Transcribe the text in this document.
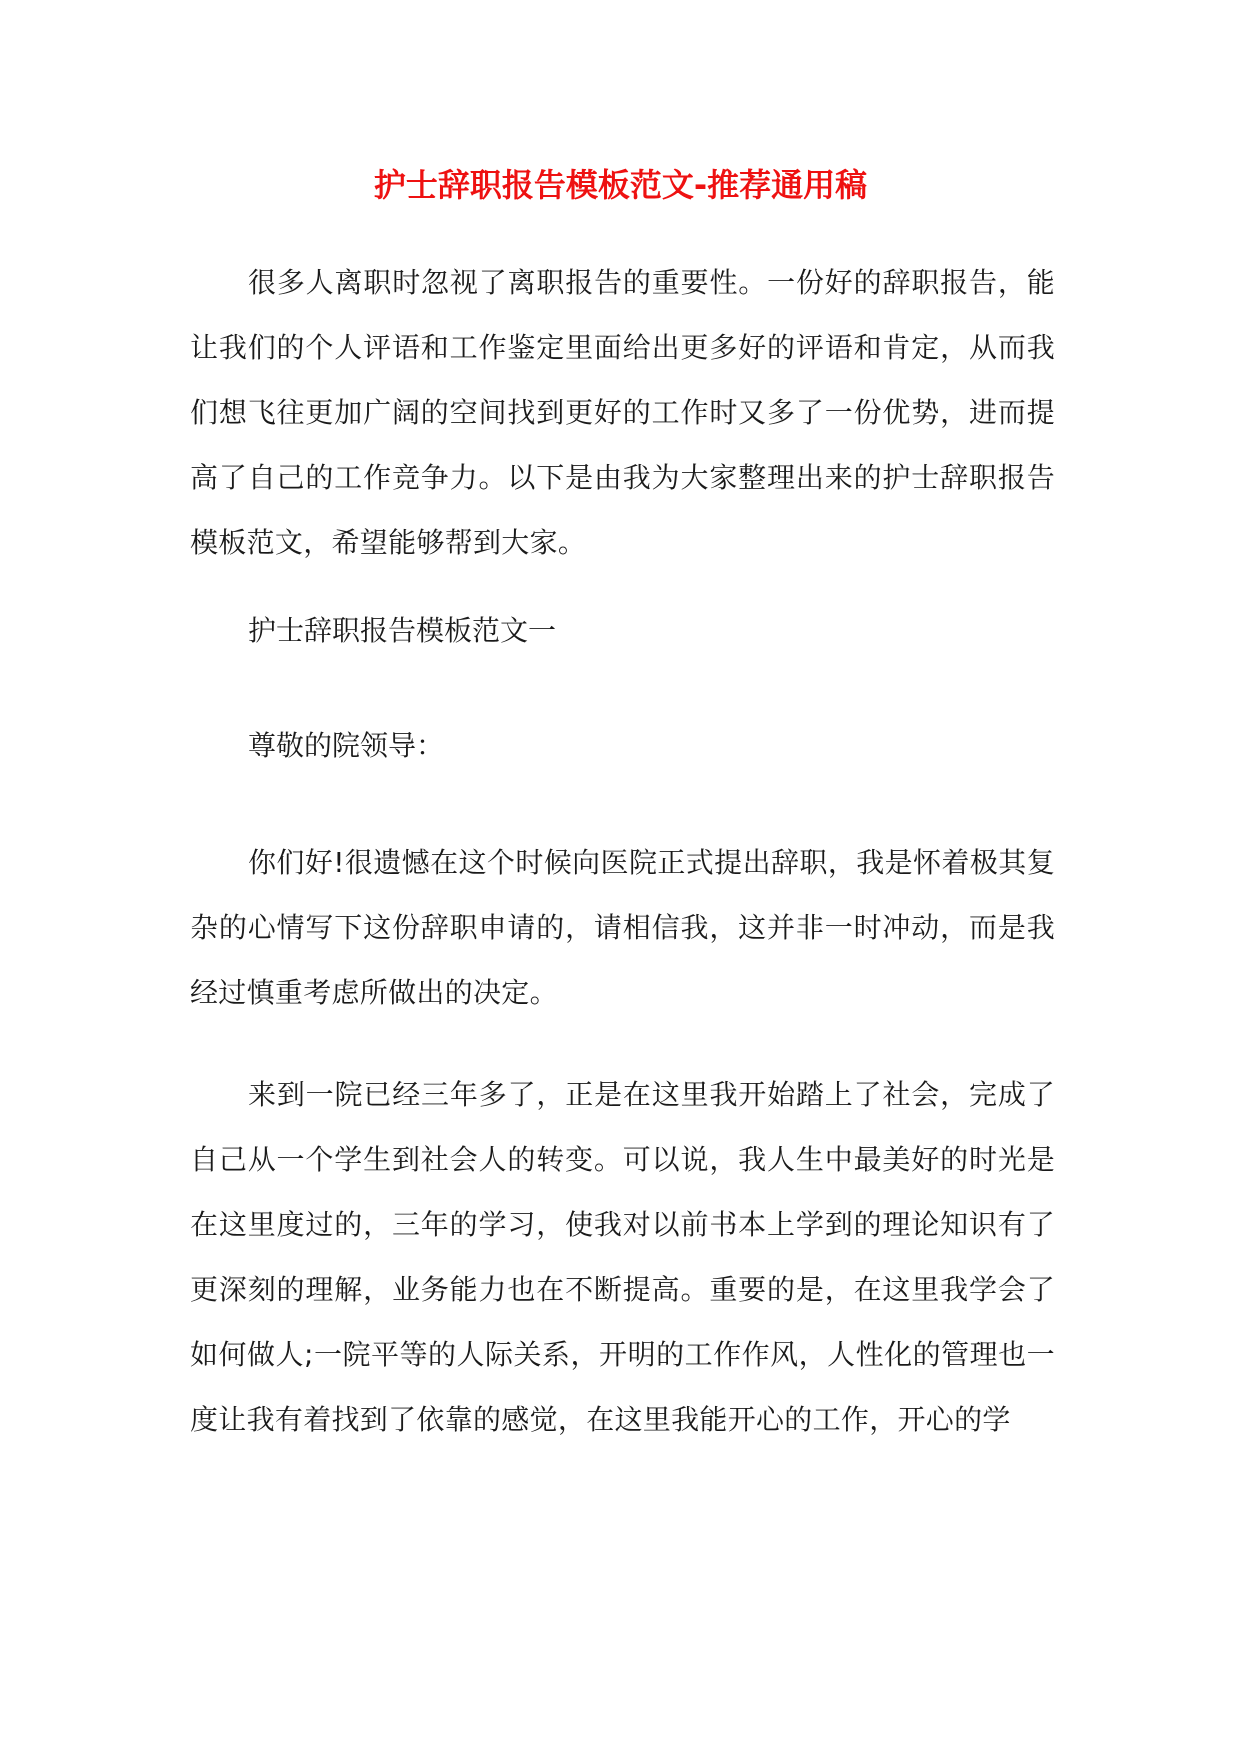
护士辞职报告模板范文-推荐通用稿

很多人离职时忽视了离职报告的重要性。一份好的辞职报告，能让我们的个人评语和工作鉴定里面给出更多好的评语和肯定，从而我们想飞往更加广阔的空间找到更好的工作时又多了一份优势，进而提高了自己的工作竞争力。以下是由我为大家整理出来的护士辞职报告模板范文，希望能够帮到大家。

护士辞职报告模板范文一

尊敬的院领导：

你们好!很遗憾在这个时候向医院正式提出辞职，我是怀着极其复杂的心情写下这份辞职申请的，请相信我，这并非一时冲动，而是我经过慎重考虑所做出的决定。

来到一院已经三年多了，正是在这里我开始踏上了社会，完成了自己从一个学生到社会人的转变。可以说，我人生中最美好的时光是在这里度过的，三年的学习，使我对以前书本上学到的理论知识有了更深刻的理解，业务能力也在不断提高。重要的是，在这里我学会了如何做人;一院平等的人际关系，开明的工作作风，人性化的管理也一度让我有着找到了依靠的感觉，在这里我能开心的工作，开心的学
